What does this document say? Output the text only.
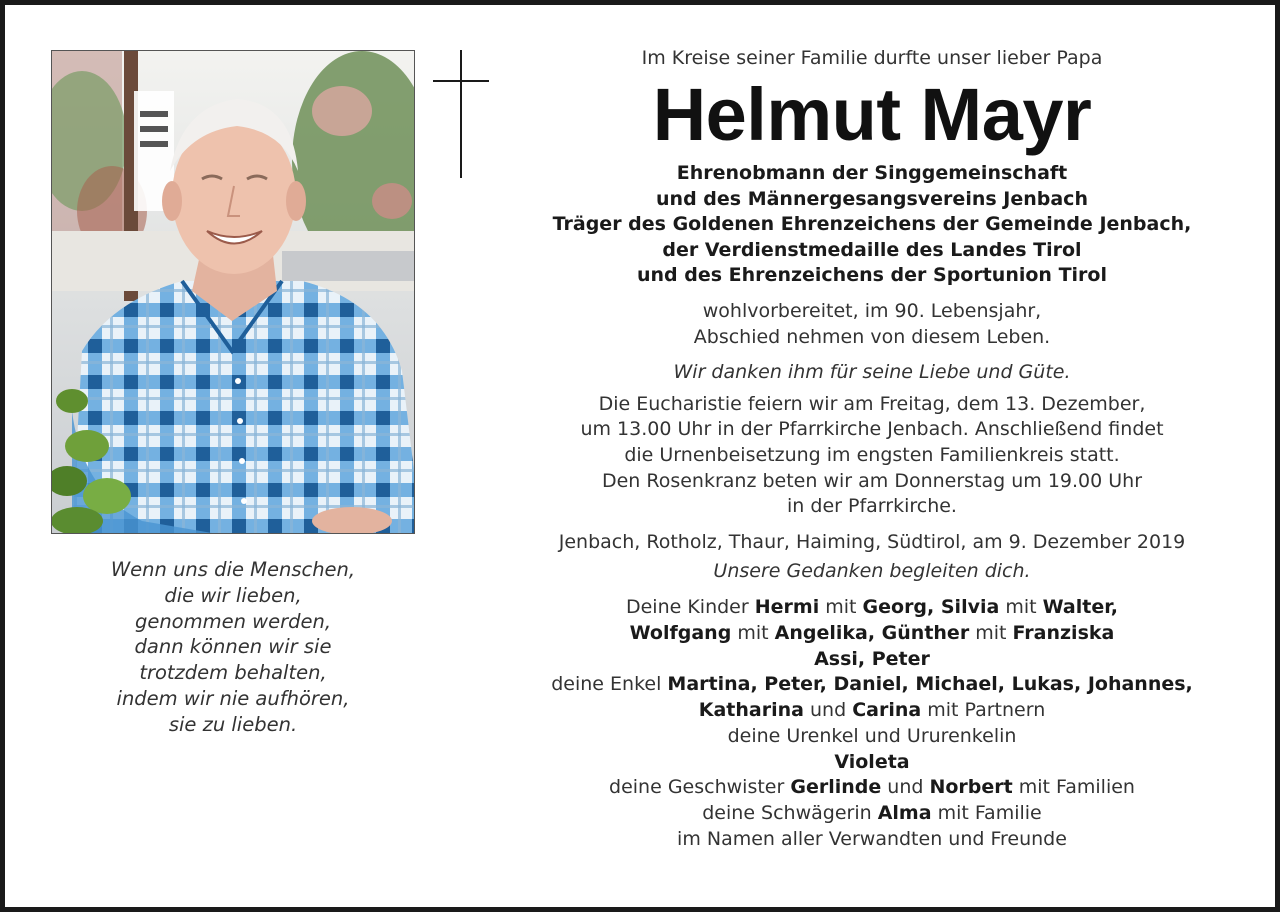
Wenn uns die Menschen,
die wir lieben,
genommen werden,
dann können wir sie
trotzdem behalten,
indem wir nie aufhören,
sie zu lieben.
Im Kreise seiner Familie durfte unser lieber Papa
Helmut Mayr
Ehrenobmann der Singgemeinschaft
und des Männergesangsvereins Jenbach
Träger des Goldenen Ehrenzeichens der Gemeinde Jenbach,
der Verdienstmedaille des Landes Tirol
und des Ehrenzeichens der Sportunion Tirol
wohlvorbereitet, im 90. Lebensjahr,
Abschied nehmen von diesem Leben.
Wir danken ihm für seine Liebe und Güte.
Die Eucharistie feiern wir am Freitag, dem 13. Dezember,
um 13.00 Uhr in der Pfarrkirche Jenbach. Anschließend findet
die Urnenbeisetzung im engsten Familienkreis statt.
Den Rosenkranz beten wir am Donnerstag um 19.00 Uhr
in der Pfarrkirche.
Jenbach, Rotholz, Thaur, Haiming, Südtirol, am 9. Dezember 2019
Unsere Gedanken begleiten dich.
Deine Kinder Hermi mit Georg, Silvia mit Walter,
Wolfgang mit Angelika, Günther mit Franziska
Assi, Peter
deine Enkel Martina, Peter, Daniel, Michael, Lukas, Johannes,
Katharina und Carina mit Partnern
deine Urenkel und Ururenkelin
Violeta
deine Geschwister Gerlinde und Norbert mit Familien
deine Schwägerin Alma mit Familie
im Namen aller Verwandten und Freunde
